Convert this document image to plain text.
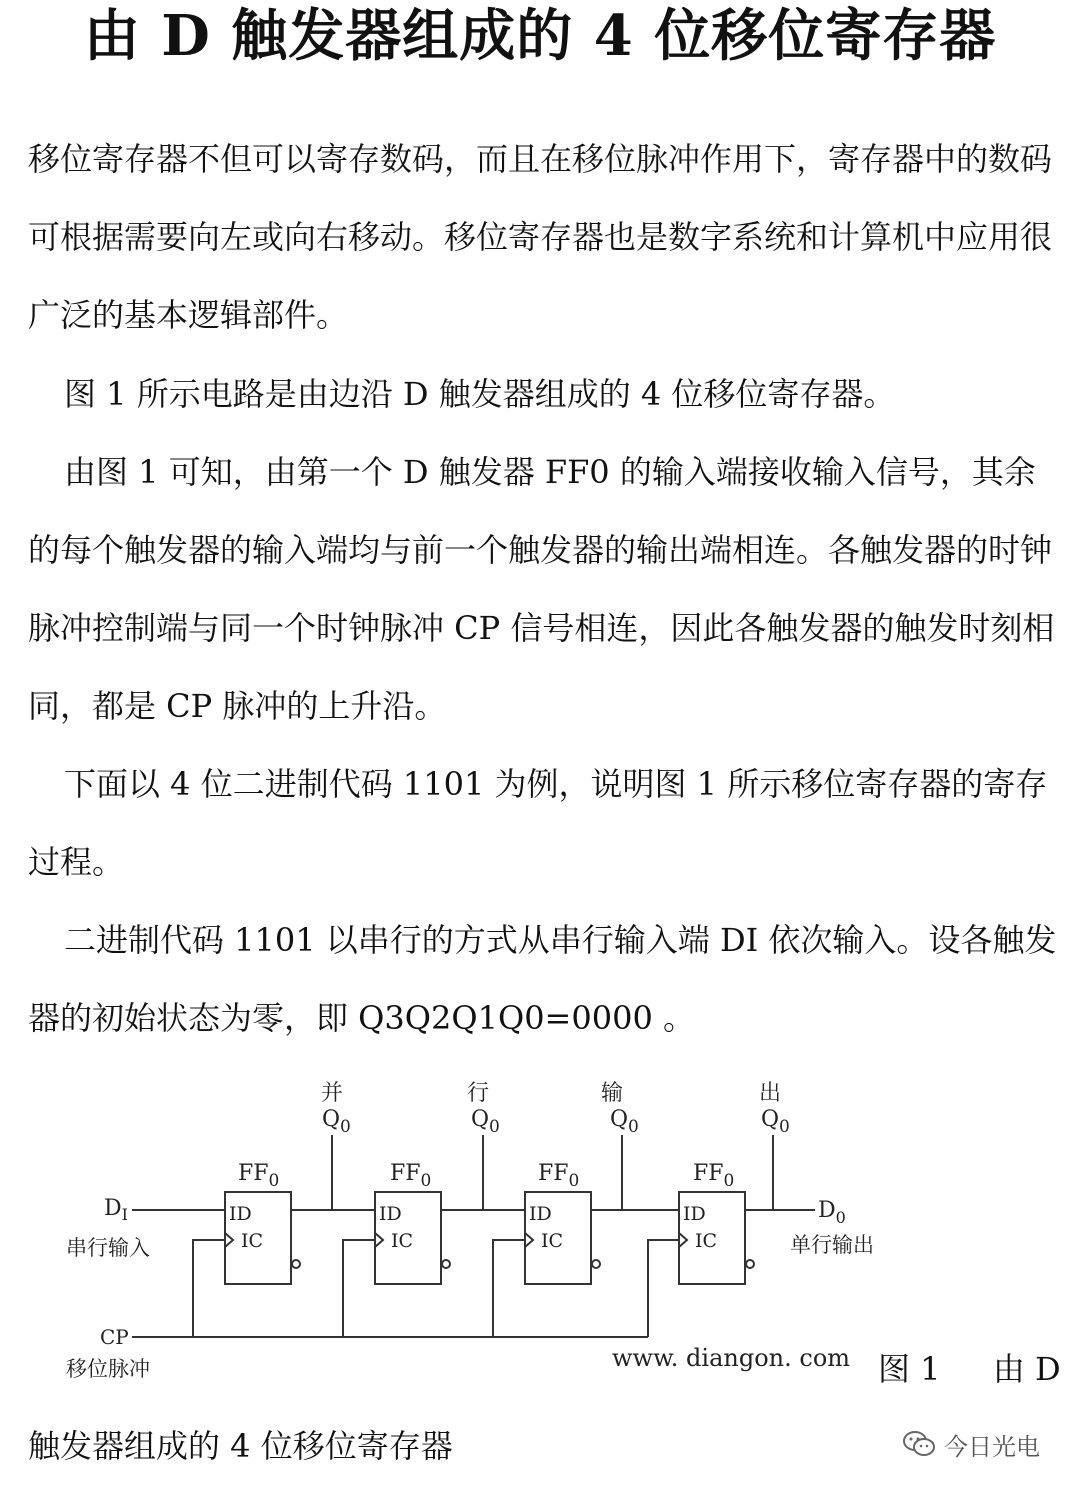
由 D 触发器组成的 4 位移位寄存器

移位寄存器不但可以寄存数码，而且在移位脉冲作用下，寄存器中的数码可根据需要向左或向右移动。移位寄存器也是数字系统和计算机中应用很广泛的基本逻辑部件。

图 1 所示电路是由边沿 D 触发器组成的 4 位移位寄存器。

由图 1 可知，由第一个 D 触发器 FF0 的输入端接收输入信号，其余的每个触发器的输入端均与前一个触发器的输出端相连。各触发器的时钟脉冲控制端与同一个时钟脉冲 CP 信号相连，因此各触发器的触发时刻相同，都是 CP 脉冲的上升沿。

下面以 4 位二进制代码 1101 为例，说明图 1 所示移位寄存器的寄存过程。

二进制代码 1101 以串行的方式从串行输入端 DI 依次输入。设各触发器的初始状态为零，即 Q3Q2Q1Q0=0000 。

并	行	输	出
$Q_0$	$Q_0$	$Q_0$	$Q_0$
$FF_0$	$FF_0$	$FF_0$	$FF_0$
ID
IC
ID
IC
ID
IC
ID
IC
$D_I$
串行输入
$D_0$
单行输出
CP
移位脉冲	www. diangon. com 图 1 　 由 D
触发器组成的 4 位移位寄存器	今日光电
